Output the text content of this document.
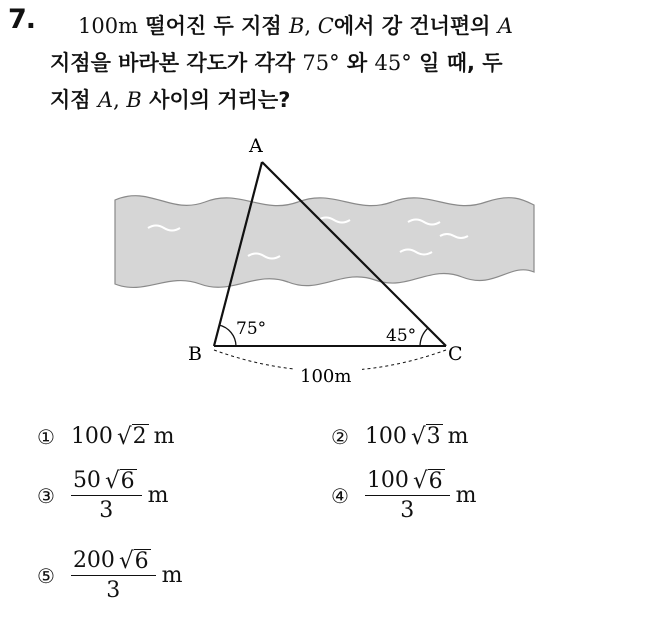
7. 100m 떨어진 두 지점 B, C에서 강 건너편의 A
지점을 바라본 각도가 각각 75° 와 45° 일 때, 두
지점 A, B 사이의 거리는?
A
B	C
75°	45°
100m
① 100 √ 2 m	② 100 √ 3 m
③ $\frac{50 √ 6}{3}$ m	④ $\frac{100 √ 6}{3}$ m
⑤ $\frac{200 √ 6}{3}$ m
